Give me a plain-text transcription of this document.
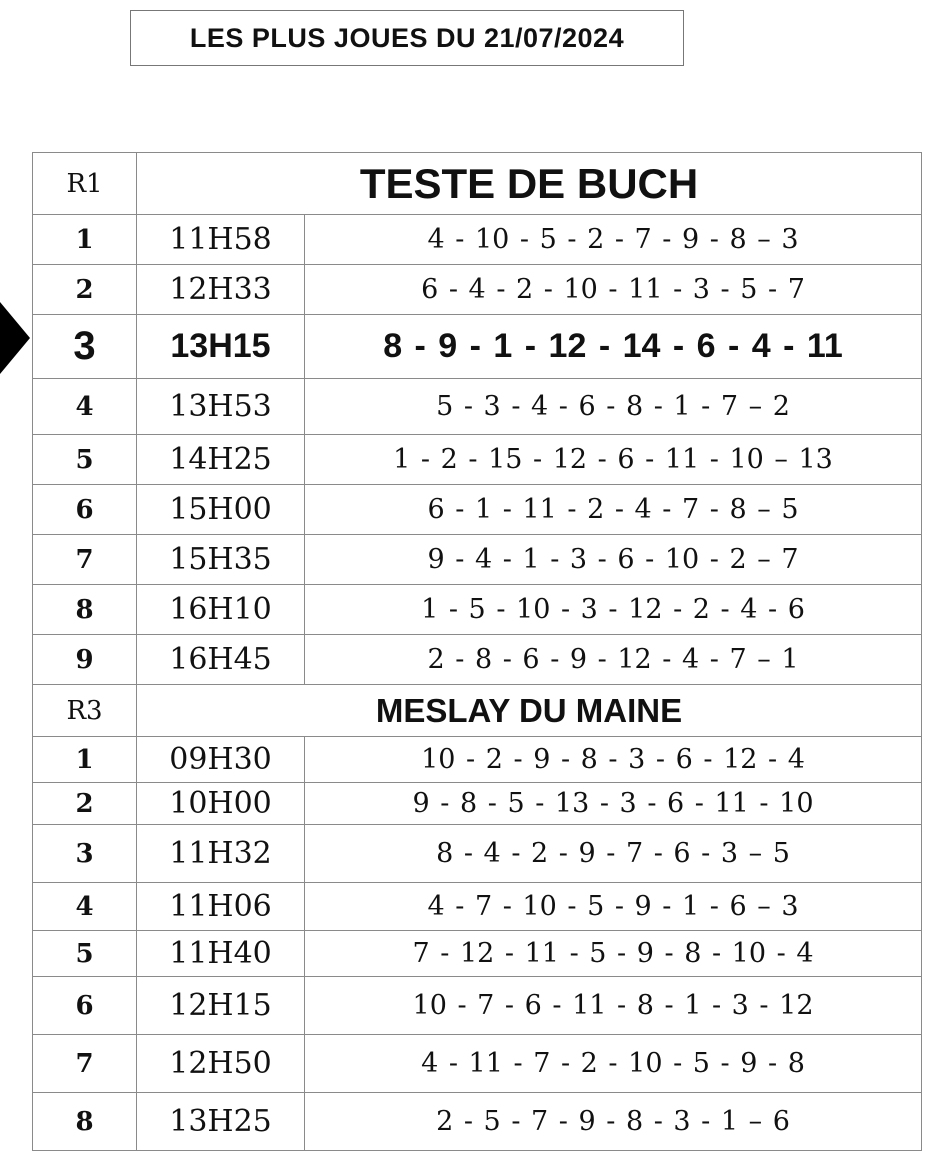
LES PLUS JOUES DU 21/07/2024
R1	TESTE DE BUCH	
1	11H58	4 - 10 - 5 - 2 - 7 - 9 - 8 – 3
2	12H33	6 - 4 - 2 - 10 - 11 - 3 - 5 - 7
3	13H15	8 - 9 - 1 - 12 - 14 - 6 - 4 - 11
4	13H53	5 - 3 - 4 - 6 - 8 - 1 - 7 – 2
5	14H25	1 - 2 - 15 - 12 - 6 - 11 - 10 – 13
6	15H00	6 - 1 - 11 - 2 - 4 - 7 - 8 – 5
7	15H35	9 - 4 - 1 - 3 - 6 - 10 - 2 – 7
8	16H10	1 - 5 - 10 - 3 - 12 - 2 - 4 - 6
9	16H45	2 - 8 - 6 - 9 - 12 - 4 - 7 – 1
R3	MESLAY DU MAINE	
1	09H30	10 - 2 - 9 - 8 - 3 - 6 - 12 - 4
2	10H00	9 - 8 - 5 - 13 - 3 - 6 - 11 - 10
3	11H32	8 - 4 - 2 - 9 - 7 - 6 - 3 – 5
4	11H06	4 - 7 - 10 - 5 - 9 - 1 - 6 – 3
5	11H40	7 - 12 - 11 - 5 - 9 - 8 - 10 - 4
6	12H15	10 - 7 - 6 - 11 - 8 - 1 - 3 - 12
7	12H50	4 - 11 - 7 - 2 - 10 - 5 - 9 - 8
8	13H25	2 - 5 - 7 - 9 - 8 - 3 - 1 – 6
